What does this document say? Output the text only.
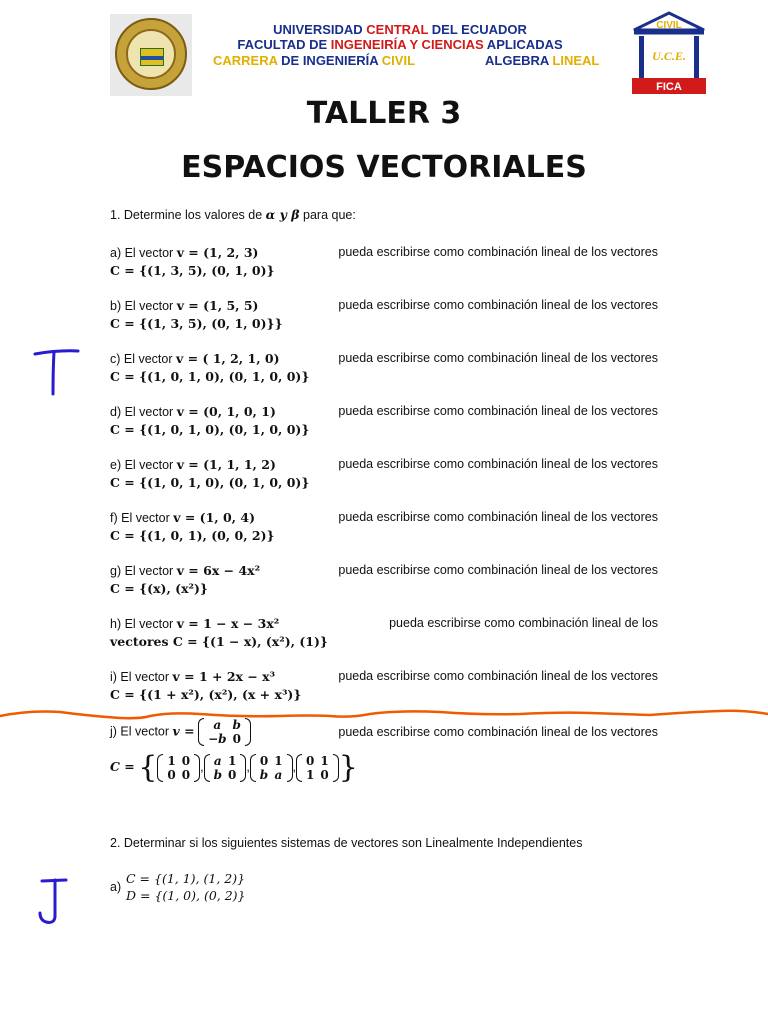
UNIVERSIDAD CENTRAL DEL ECUADOR
FACULTAD DE INGENEIRÍA Y CIENCIAS APLICADAS
CARRERA DE INGENIERÍA CIVIL	ALGEBRA LINEAL
CIVIL
U.C.E.
FICA
TALLER 3
ESPACIOS VECTORIALES
1. Determine los valores de α y β para que:
a) El vector v = (1, 2, 3)	pueda escribirse como combinación lineal de los vectores
C = {(1, 3, 5), (0, 1, 0)}
b) El vector v = (1, 5, 5)	pueda escribirse como combinación lineal de los vectores
C = {(1, 3, 5), (0, 1, 0)}}
c) El vector v = ( 1, 2, 1, 0)	pueda escribirse como combinación lineal de los vectores
C = {(1, 0, 1, 0), (0, 1, 0, 0)}
d) El vector v = (0, 1, 0, 1)	pueda escribirse como combinación lineal de los vectores
C = {(1, 0, 1, 0), (0, 1, 0, 0)}
e) El vector v = (1, 1, 1, 2)	pueda escribirse como combinación lineal de los vectores
C = {(1, 0, 1, 0), (0, 1, 0, 0)}
f) El vector v = (1, 0, 4)	pueda escribirse como combinación lineal de los vectores
C = {(1, 0, 1), (0, 0, 2)}
g) El vector v = 6x − 4x²	pueda escribirse como combinación lineal de los vectores
C = {(x), (x²)}
h) El vector v = 1 − x − 3x²	pueda escribirse como combinación lineal de los
vectores C = {(1 − x), (x²), (1)}
i) El vector v = 1 + 2x − x³	pueda escribirse como combinación lineal de los vectores
C = {(1 + x²), (x²), (x + x³)}
j) El vector v = a	b
−b	0	pueda escribirse como combinación lineal de los vectores
C = { 1	0
0	0
, a	1
b	0
, 0	1
b	a
, 0	1
1	0 }
2. Determinar si los siguientes sistemas de vectores son Linealmente Independientes
a)
C = {(1, 1), (1, 2)}
D = {(1, 0), (0, 2)}
T
J
